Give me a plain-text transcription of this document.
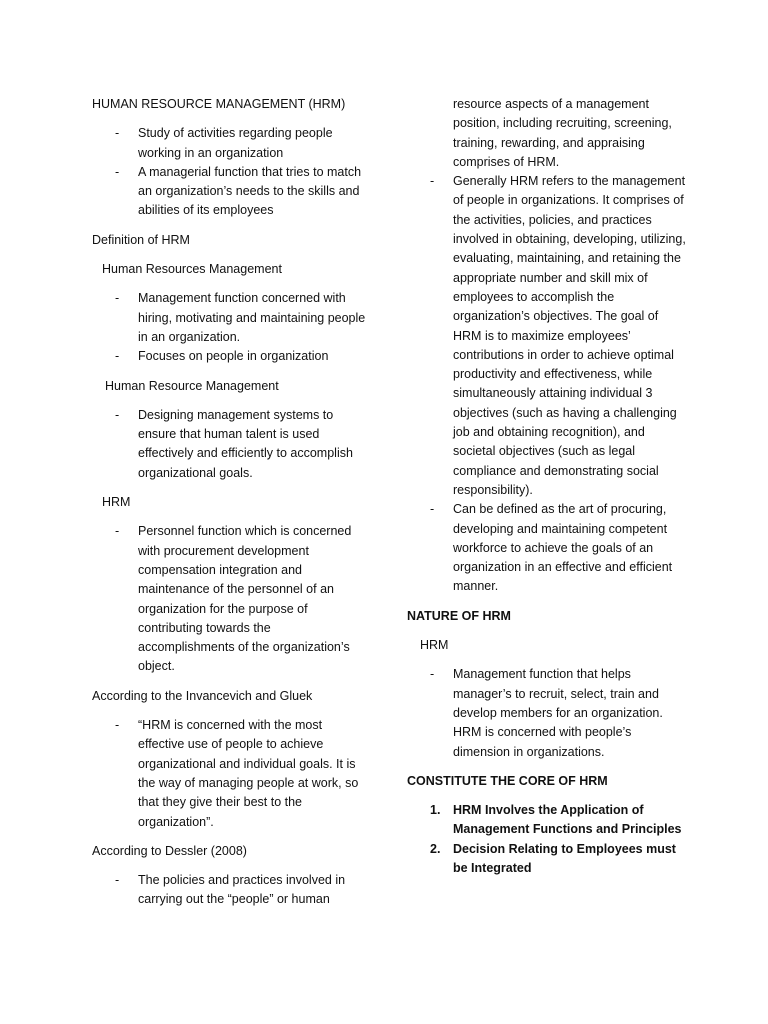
HUMAN RESOURCE MANAGEMENT (HRM)

- Study of activities regarding people working in an organization
- A managerial function that tries to match an organization’s needs to the skills and abilities of its employees

Definition of HRM

Human Resources Management

- Management function concerned with hiring, motivating and maintaining people in an organization.
- Focuses on people in organization

Human Resource Management

- Designing management systems to ensure that human talent is used effectively and efficiently to accomplish organizational goals.

HRM

- Personnel function which is concerned with procurement development compensation integration and maintenance of the personnel of an organization for the purpose of contributing towards the accomplishments of the organization’s object.

According to the Invancevich and Gluek

- “HRM is concerned with the most effective use of people to achieve organizational and individual goals. It is the way of managing people at work, so that they give their best to the organization”.

According to Dessler (2008)

- The policies and practices involved in carrying out the “people” or human

resource aspects of a management position, including recruiting, screening, training, rewarding, and appraising comprises of HRM.

- Generally HRM refers to the management of people in organizations. It comprises of the activities, policies, and practices involved in obtaining, developing, utilizing, evaluating, maintaining, and retaining the appropriate number and skill mix of employees to accomplish the organization’s objectives. The goal of HRM is to maximize employees’ contributions in order to achieve optimal productivity and effectiveness, while simultaneously attaining individual 3 objectives (such as having a challenging job and obtaining recognition), and societal objectives (such as legal compliance and demonstrating social responsibility).
- Can be defined as the art of procuring, developing and maintaining competent workforce to achieve the goals of an organization in an effective and efficient manner.

NATURE OF HRM

HRM

- Management function that helps manager’s to recruit, select, train and develop members for an organization. HRM is concerned with people’s dimension in organizations.

CONSTITUTE THE CORE OF HRM

1. HRM Involves the Application of Management Functions and Principles
2. Decision Relating to Employees must be Integrated
